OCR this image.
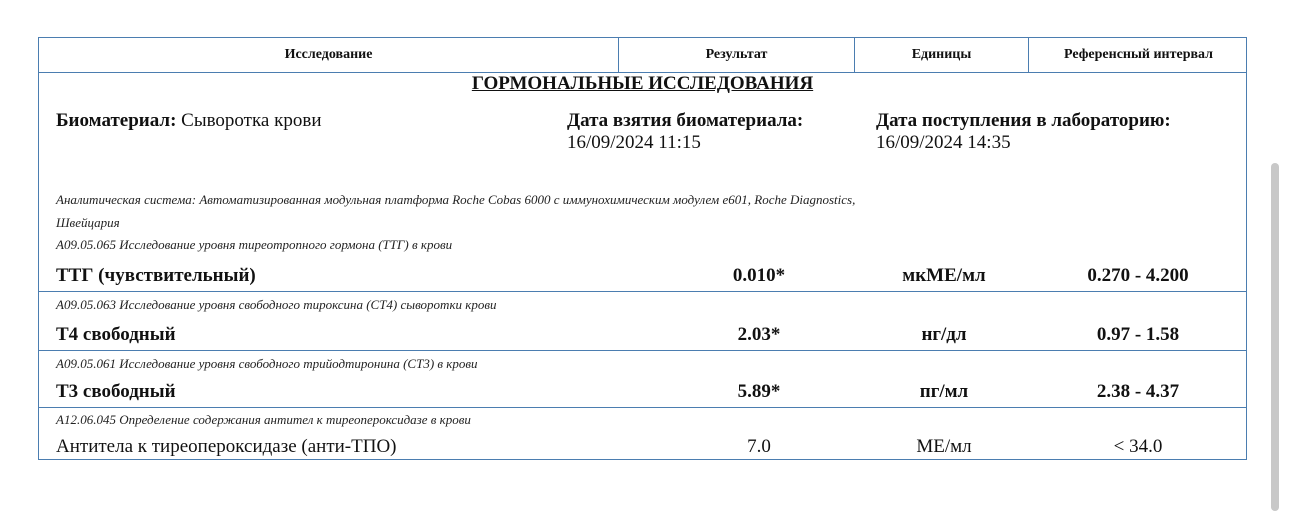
Исследование	Результат	Единицы	Референсный интервал
ГОРМОНАЛЬНЫЕ ИССЛЕДОВАНИЯ
Биоматериал: Сыворотка крови	Дата взятия биоматериала:
16/09/2024 11:15
Дата поступления в лабораторию:
16/09/2024 14:35
Аналитическая система: Автоматизированная модульная платформа Roche Cobas 6000 с иммунохимическим модулем e601, Roche Diagnostics,
Швейцария
A09.05.065 Исследование уровня тиреотропного гормона (ТТГ) в крови
ТТГ (чувствительный)	0.010*	мкМЕ/мл	0.270 - 4.200
A09.05.063 Исследование уровня свободного тироксина (СТ4) сыворотки крови
Т4 свободный	2.03*	нг/дл	0.97 - 1.58
A09.05.061 Исследование уровня свободного трийодтиронина (СТ3) в крови
Т3 свободный	5.89*	пг/мл	2.38 - 4.37
A12.06.045 Определение содержания антител к тиреопероксидазе в крови
Антитела к тиреопероксидазе (анти-ТПО)	7.0	МЕ/мл	< 34.0
